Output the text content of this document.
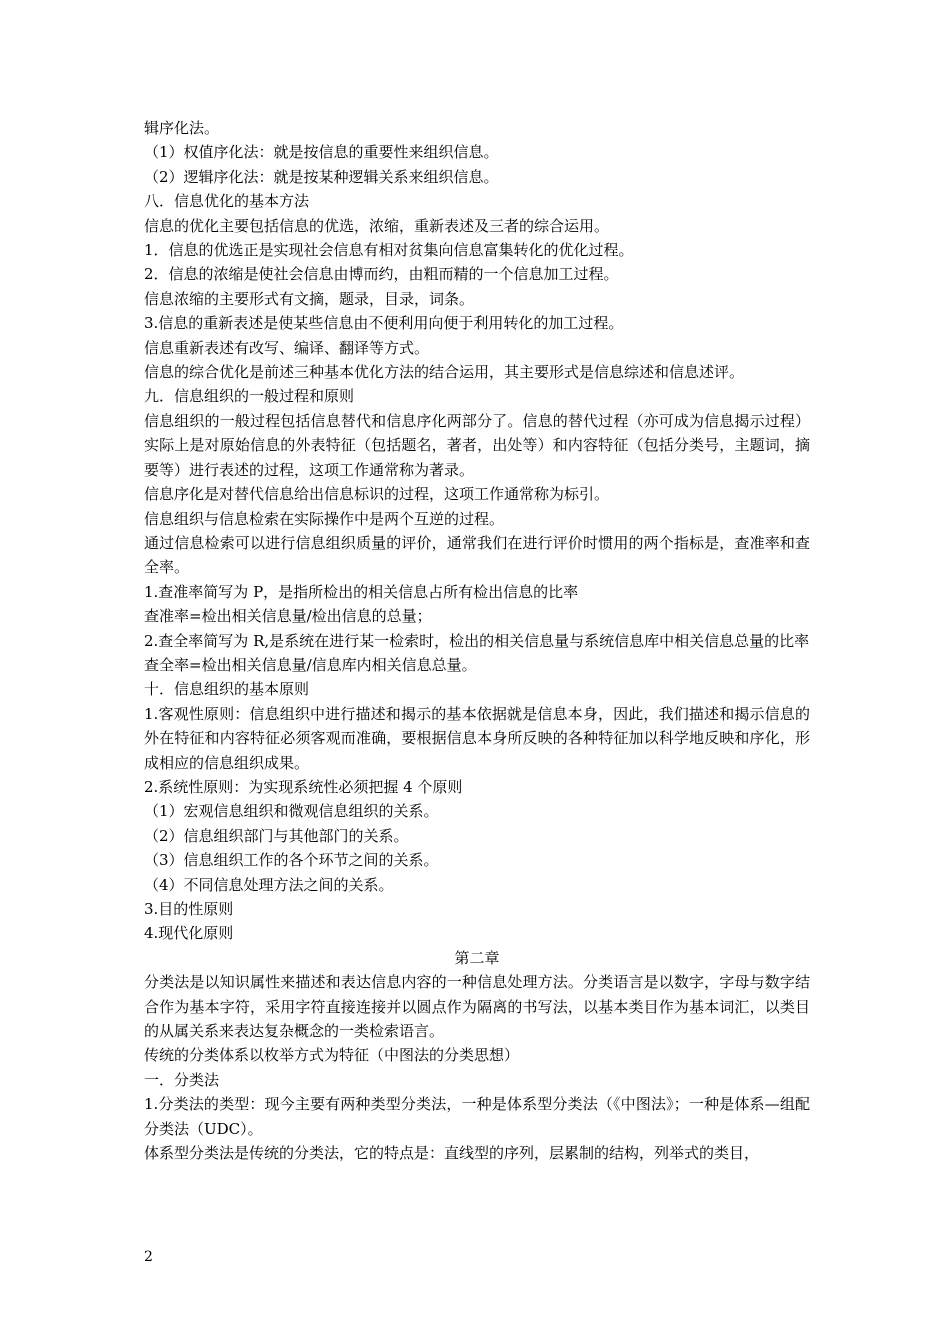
辑序化法。

（1）权值序化法：就是按信息的重要性来组织信息。

（2）逻辑序化法：就是按某种逻辑关系来组织信息。

八．信息优化的基本方法

信息的优化主要包括信息的优选，浓缩，重新表述及三者的综合运用。

1．信息的优选正是实现社会信息有相对贫集向信息富集转化的优化过程。

2．信息的浓缩是使社会信息由博而约，由粗而精的一个信息加工过程。

信息浓缩的主要形式有文摘，题录，目录，词条。

3.信息的重新表述是使某些信息由不便利用向便于利用转化的加工过程。

信息重新表述有改写、编译、翻译等方式。

信息的综合优化是前述三种基本优化方法的结合运用，其主要形式是信息综述和信息述评。

九．信息组织的一般过程和原则

信息组织的一般过程包括信息替代和信息序化两部分了。信息的替代过程（亦可成为信息揭示过程）实际上是对原始信息的外表特征（包括题名，著者，出处等）和内容特征（包括分类号，主题词，摘要等）进行表述的过程，这项工作通常称为著录。

信息序化是对替代信息给出信息标识的过程，这项工作通常称为标引。

信息组织与信息检索在实际操作中是两个互逆的过程。

通过信息检索可以进行信息组织质量的评价，通常我们在进行评价时惯用的两个指标是，查准率和查全率。

1.查准率简写为 P，是指所检出的相关信息占所有检出信息的比率

查准率=检出相关信息量/检出信息的总量；

2.查全率简写为 R,是系统在进行某一检索时，检出的相关信息量与系统信息库中相关信息总量的比率

查全率=检出相关信息量/信息库内相关信息总量。

十．信息组织的基本原则

1.客观性原则：信息组织中进行描述和揭示的基本依据就是信息本身，因此，我们描述和揭示信息的外在特征和内容特征必须客观而准确，要根据信息本身所反映的各种特征加以科学地反映和序化，形成相应的信息组织成果。

2.系统性原则：为实现系统性必须把握 4 个原则

（1）宏观信息组织和微观信息组织的关系。

（2）信息组织部门与其他部门的关系。

（3）信息组织工作的各个环节之间的关系。

（4）不同信息处理方法之间的关系。

3.目的性原则

4.现代化原则

第二章

分类法是以知识属性来描述和表达信息内容的一种信息处理方法。分类语言是以数字，字母与数字结合作为基本字符，采用字符直接连接并以圆点作为隔离的书写法，以基本类目作为基本词汇，以类目的从属关系来表达复杂概念的一类检索语言。

传统的分类体系以枚举方式为特征（中图法的分类思想）

一．分类法

1.分类法的类型：现今主要有两种类型分类法，一种是体系型分类法（《中图法》；一种是体系—组配分类法（UDC）。

体系型分类法是传统的分类法，它的特点是：直线型的序列，层累制的结构，列举式的类目，

2
